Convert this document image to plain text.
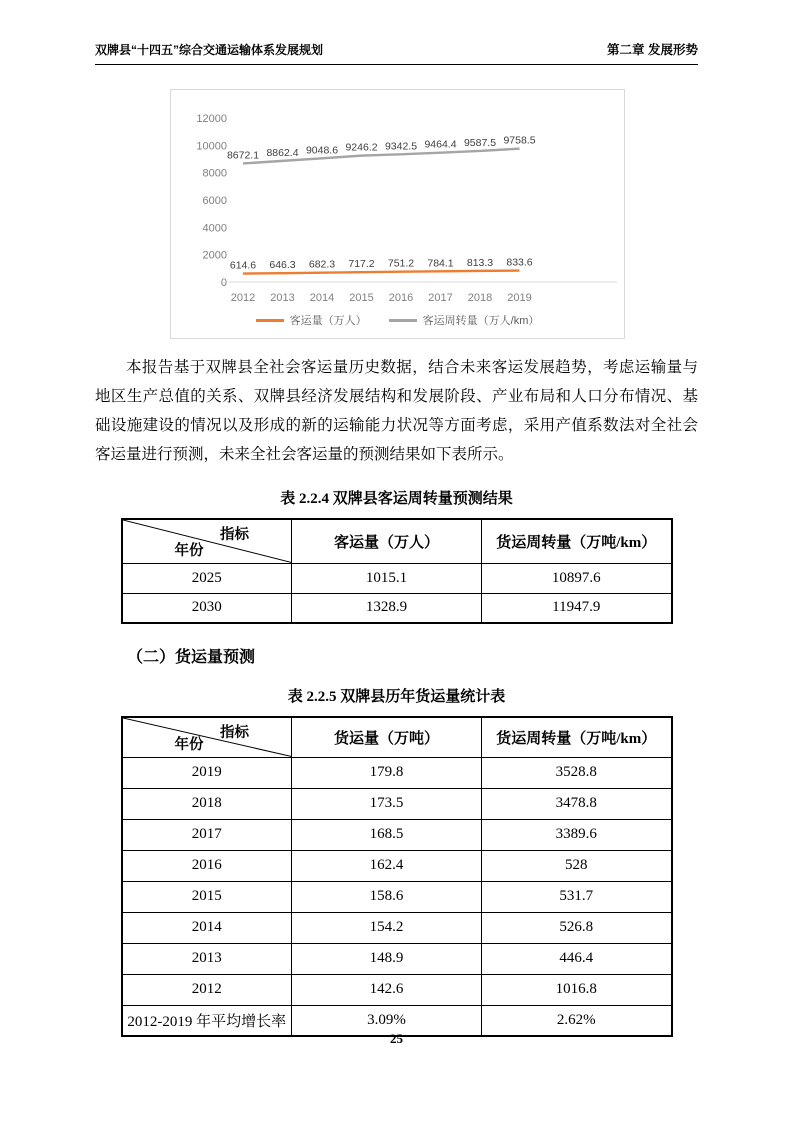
双牌县“十四五”综合交通运输体系发展规划	第二章 发展形势
0
2000
4000
6000
8000
10000
12000
2012 2013 2014 2015 2016 2017 2018 2019
614.6 646.3 682.3 717.2 751.2 784.1 813.3 833.6
8672.1 8862.4 9048.6 9246.2 9342.5 9464.4 9587.5 9758.5
客运量（万人）	客运周转量（万人/km）

本报告基于双牌县全社会客运量历史数据，结合未来客运发展趋势，考虑运输量与地区生产总值的关系、双牌县经济发展结构和发展阶段、产业布局和人口分布情况、基础设施建设的情况以及形成的新的运输能力状况等方面考虑，采用产值系数法对全社会客运量进行预测，未来全社会客运量的预测结果如下表所示。

表 2.2.4 双牌县客运周转量预测结果
指标
年份	客运量（万人）	货运周转量（万吨/km）
2025	1015.1	10897.6
2030	1328.9	11947.9
（二）货运量预测
表 2.2.5 双牌县历年货运量统计表
指标
年份	货运量（万吨）	货运周转量（万吨/km）
2019	179.8	3528.8
2018	173.5	3478.8
2017	168.5	3389.6
2016	162.4	528
2015	158.6	531.7
2014	154.2	526.8
2013	148.9	446.4
2012	142.6	1016.8
2012-2019 年平均增长率	3.09%	2.62%
25
